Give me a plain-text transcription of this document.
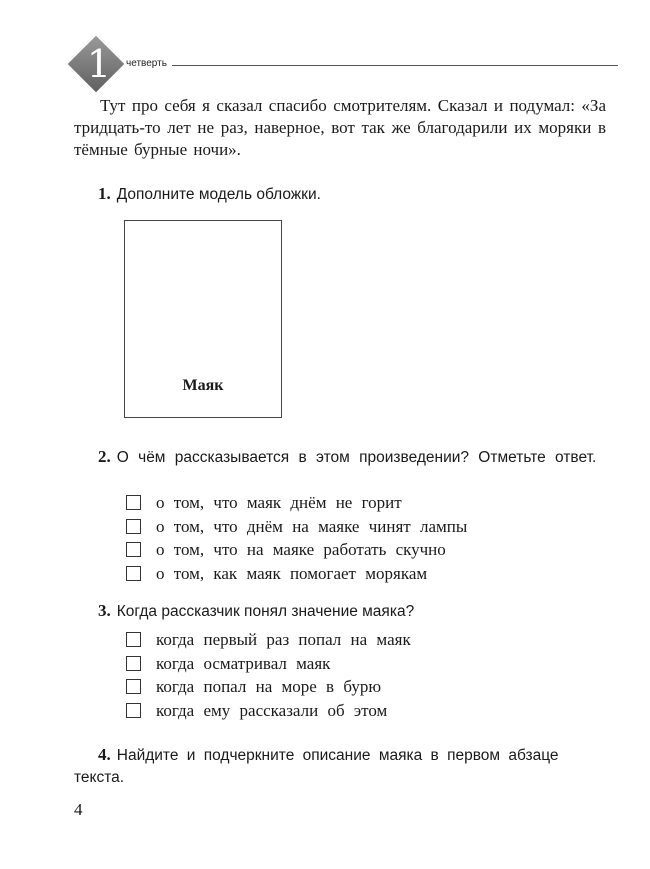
1 четверть
Тут про себя я сказал спасибо смотрителям. Сказал и подумал: «За тридцать-то лет не раз, наверное, вот так же благодарили их моряки в тёмные бурные ночи».
1. Дополните модель обложки.
Маяк
2. О чём рассказывается в этом произведении? Отметьте ответ.
о том, что маяк днём не горит
о том, что днём на маяке чинят лампы
о том, что на маяке работать скучно
о том, как маяк помогает морякам
3. Когда рассказчик понял значение маяка?
когда первый раз попал на маяк
когда осматривал маяк
когда попал на море в бурю
когда ему рассказали об этом
4. Найдите и подчеркните описание маяка в первом абзаце текста.
4
